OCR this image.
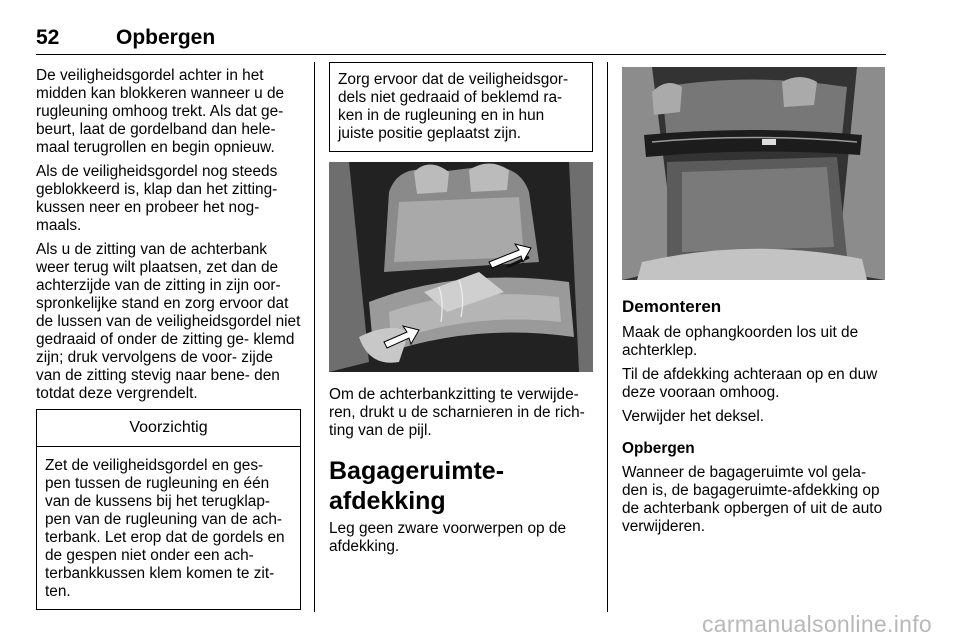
52	Opbergen

De veiligheidsgordel achter in het midden kan blokkeren wanneer u de rugleuning omhoog trekt. Als dat ge- beurt, laat de gordelband dan hele- maal terugrollen en begin opnieuw.

Als de veiligheidsgordel nog steeds geblokkeerd is, klap dan het zitting- kussen neer en probeer het nog- maals.

Als u de zitting van de achterbank weer terug wilt plaatsen, zet dan de achterzijde van de zitting in zijn oor- spronkelijke stand en zorg ervoor dat de lussen van de veiligheidsgordel niet gedraaid of onder de zitting ge- klemd zijn; druk vervolgens de voor- zijde van de zitting stevig naar bene- den totdat deze vergrendelt.

Voorzichtig
Zet de veiligheidsgordel en ges- pen tussen de rugleuning en één van de kussens bij het terugklap- pen van de rugleuning van de ach- terbank. Let erop dat de gordels en de gespen niet onder een ach- terbankkussen klem komen te zit- ten.
Zorg ervoor dat de veiligheidsgor- dels niet gedraaid of beklemd ra- ken in de rugleuning en in hun juiste positie geplaatst zijn.

Om de achterbankzitting te verwijde- ren, drukt u de scharnieren in de rich- ting van de pijl.

Bagageruimte-afdekking

Leg geen zware voorwerpen op de afdekking.

Demonteren

Maak de ophangkoorden los uit de achterklep.

Til de afdekking achteraan op en duw deze vooraan omhoog.

Verwijder het deksel.

Opbergen

Wanneer de bagageruimte vol gela- den is, de bagageruimte-afdekking op de achterbank opbergen of uit de auto verwijderen.

carmanualsonline.info
